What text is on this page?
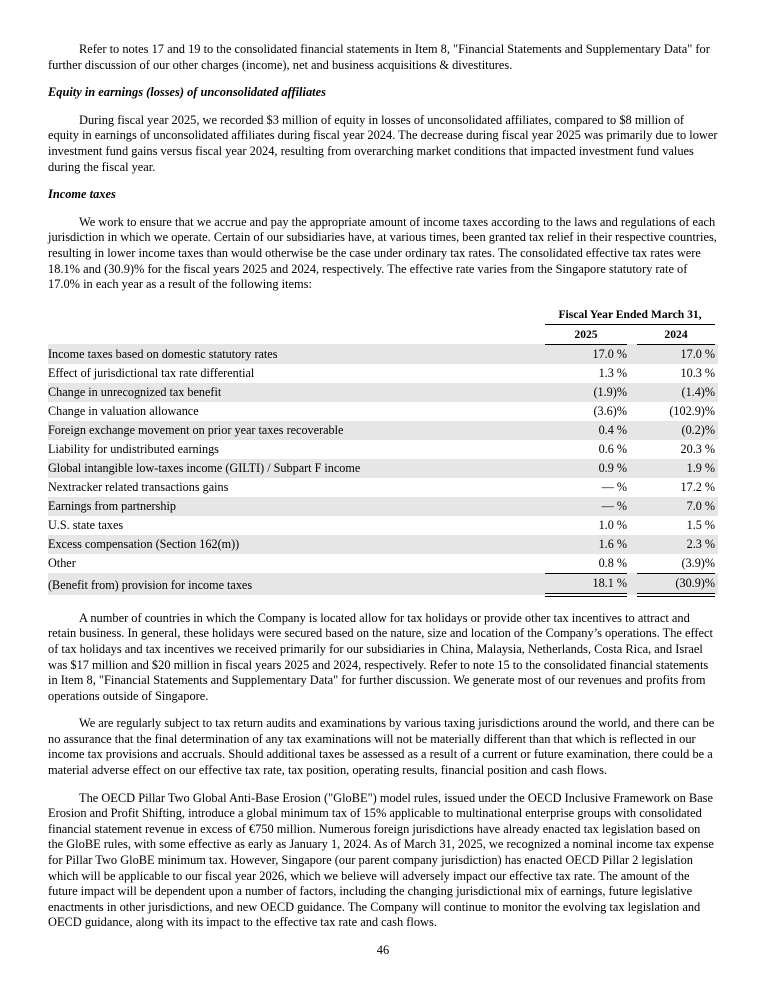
Refer to notes 17 and 19 to the consolidated financial statements in Item 8, "Financial Statements and Supplementary Data" for further discussion of our other charges (income), net and business acquisitions & divestitures.

Equity in earnings (losses) of unconsolidated affiliates

During fiscal year 2025, we recorded $3 million of equity in losses of unconsolidated affiliates, compared to $8 million of equity in earnings of unconsolidated affiliates during fiscal year 2024. The decrease during fiscal year 2025 was primarily due to lower investment fund gains versus fiscal year 2024, resulting from overarching market conditions that impacted investment fund values during the fiscal year.

Income taxes

We work to ensure that we accrue and pay the appropriate amount of income taxes according to the laws and regulations of each jurisdiction in which we operate. Certain of our subsidiaries have, at various times, been granted tax relief in their respective countries, resulting in lower income taxes than would otherwise be the case under ordinary tax rates. The consolidated effective tax rates were 18.1% and (30.9)% for the fiscal years 2025 and 2024, respectively. The effective rate varies from the Singapore statutory rate of 17.0% in each year as a result of the following items:

	Fiscal Year Ended March 31,			
	2025		2024	
Income taxes based on domestic statutory rates	17.0 %		17.0 %	
Effect of jurisdictional tax rate differential	1.3 %		10.3 %	
Change in unrecognized tax benefit	(1.9)%		(1.4)%	
Change in valuation allowance	(3.6)%		(102.9)%	
Foreign exchange movement on prior year taxes recoverable	0.4 %		(0.2)%	
Liability for undistributed earnings	0.6 %		20.3 %	
Global intangible low-taxes income (GILTI) / Subpart F income	0.9 %		1.9 %	
Nextracker related transactions gains	— %		17.2 %	
Earnings from partnership	— %		7.0 %	
U.S. state taxes	1.0 %		1.5 %	
Excess compensation (Section 162(m))	1.6 %		2.3 %	
Other	0.8 %		(3.9)%	
(Benefit from) provision for income taxes	18.1 %		(30.9)%	

A number of countries in which the Company is located allow for tax holidays or provide other tax incentives to attract and retain business. In general, these holidays were secured based on the nature, size and location of the Company’s operations. The effect of tax holidays and tax incentives we received primarily for our subsidiaries in China, Malaysia, Netherlands, Costa Rica, and Israel was $17 million and $20 million in fiscal years 2025 and 2024, respectively. Refer to note 15 to the consolidated financial statements in Item 8, "Financial Statements and Supplementary Data" for further discussion. We generate most of our revenues and profits from operations outside of Singapore.

We are regularly subject to tax return audits and examinations by various taxing jurisdictions around the world, and there can be no assurance that the final determination of any tax examinations will not be materially different than that which is reflected in our income tax provisions and accruals. Should additional taxes be assessed as a result of a current or future examination, there could be a material adverse effect on our effective tax rate, tax position, operating results, financial position and cash flows.

The OECD Pillar Two Global Anti-Base Erosion ("GloBE") model rules, issued under the OECD Inclusive Framework on Base Erosion and Profit Shifting, introduce a global minimum tax of 15% applicable to multinational enterprise groups with consolidated financial statement revenue in excess of €750 million. Numerous foreign jurisdictions have already enacted tax legislation based on the GloBE rules, with some effective as early as January 1, 2024. As of March 31, 2025, we recognized a nominal income tax expense for Pillar Two GloBE minimum tax. However, Singapore (our parent company jurisdiction) has enacted OECD Pillar 2 legislation which will be applicable to our fiscal year 2026, which we believe will adversely impact our effective tax rate. The amount of the future impact will be dependent upon a number of factors, including the changing jurisdictional mix of earnings, future legislative enactments in other jurisdictions, and new OECD guidance. The Company will continue to monitor the evolving tax legislation and OECD guidance, along with its impact to the effective tax rate and cash flows.

46
